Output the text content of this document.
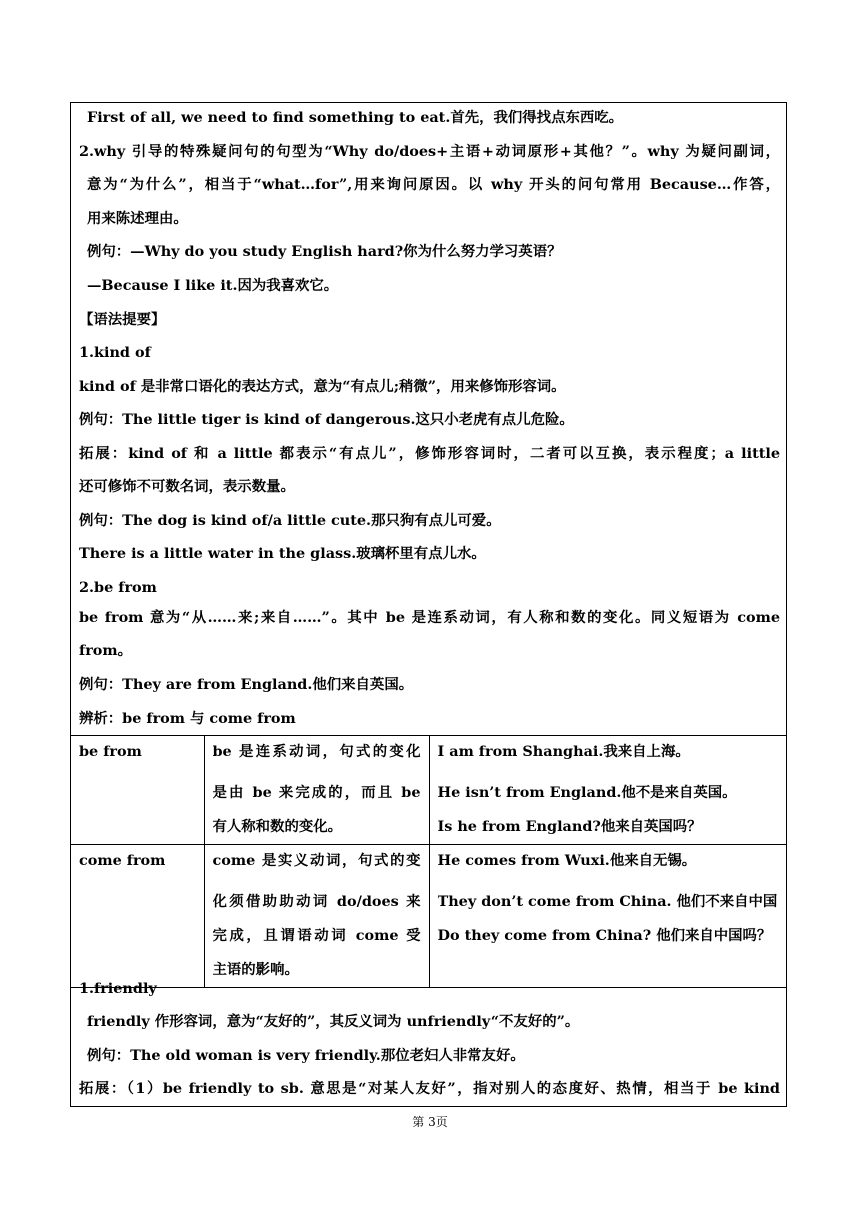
First of all, we need to find something to eat.首先，我们得找点东西吃。
2.why 引导的特殊疑问句的句型为“Why do/does+主语+动词原形+其他？”。why 为疑问副词，
意为“为什么”，相当于“what…for”,用来询问原因。以 why 开头的问句常用 Because…作答，
用来陈述理由。
例句：—Why do you study English hard?你为什么努力学习英语？
—Because I like it.因为我喜欢它。
【语法提要】
1.kind of
kind of 是非常口语化的表达方式，意为“有点儿;稍微”，用来修饰形容词。
例句：The little tiger is kind of dangerous.这只小老虎有点儿危险。
拓展：kind of 和 a little 都表示“有点儿”，修饰形容词时，二者可以互换，表示程度；a little
还可修饰不可数名词，表示数量。
例句：The dog is kind of/a little cute.那只狗有点儿可爱。
There is a little water in the glass.玻璃杯里有点儿水。
2.be from
be from 意为“从……来;来自……”。其中 be 是连系动词，有人称和数的变化。同义短语为 come
from。
例句：They are from England.他们来自英国。
辨析：be from 与 come from
be from	be 是连系动词，句式的变化
是由 be 来完成的，而且 be
有人称和数的变化。	I am from Shanghai.我来自上海。
He isn’t from England.他不是来自英国。
Is he from England?他来自英国吗？

come from	come 是实义动词，句式的变
化须借助助动词 do/does 来
完成，且谓语动词 come 受
主语的影响。	He comes from Wuxi.他来自无锡。
They don’t come from China. 他们不来自中国
Do they come from China? 他们来自中国吗？
1.friendly
friendly 作形容词，意为“友好的”，其反义词为 unfriendly“不友好的”。
例句：The old woman is very friendly.那位老妇人非常友好。
拓展：（1）be friendly to sb. 意思是“对某人友好”，指对别人的态度好、热情，相当于 be kind
第 3页
